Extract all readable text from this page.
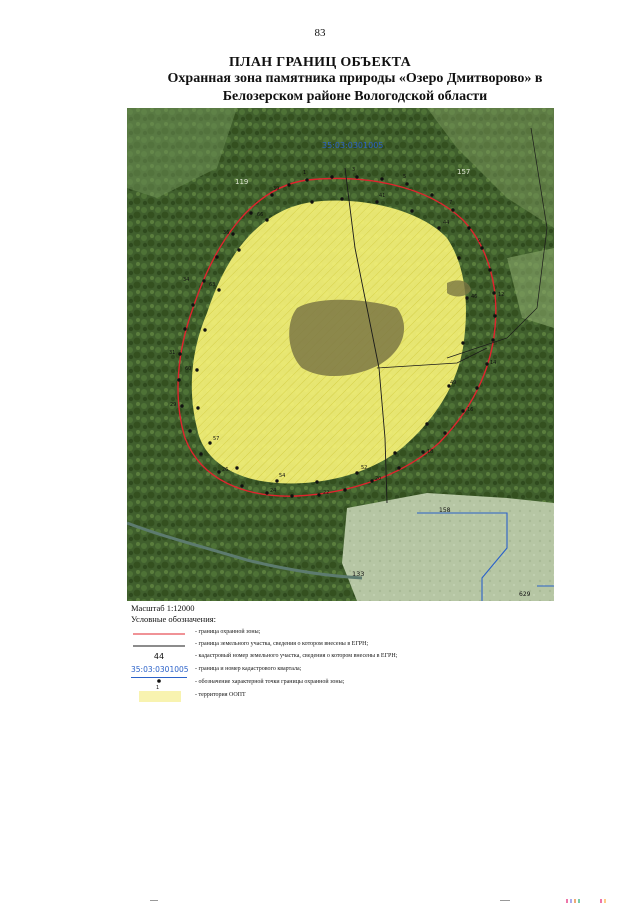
83
ПЛАН ГРАНИЦ ОБЪЕКТА
Охранная зона памятника природы «Озеро Дмитворово» в
Белозерском районе Вологодской области
1	3
5
7
9
12
14
16
18
20
22
24
26
29
31
34
36
39
41
44
46
49
52
54
57
60
63
66
35:03:0301005
119
157
158
133
629
Масштаб 1:12000
Условные обозначения:
- граница охранной зоны;
- граница земельного участка, сведения о котором внесены в ЕГРН;
44	- кадастровый номер земельного участка, сведения о котором внесены в ЕГРН;
35:03:0301005 - граница и номер кадастрового квартала;
1
- обозначение характерной точки границы охранной зоны;
- территория ООПТ
